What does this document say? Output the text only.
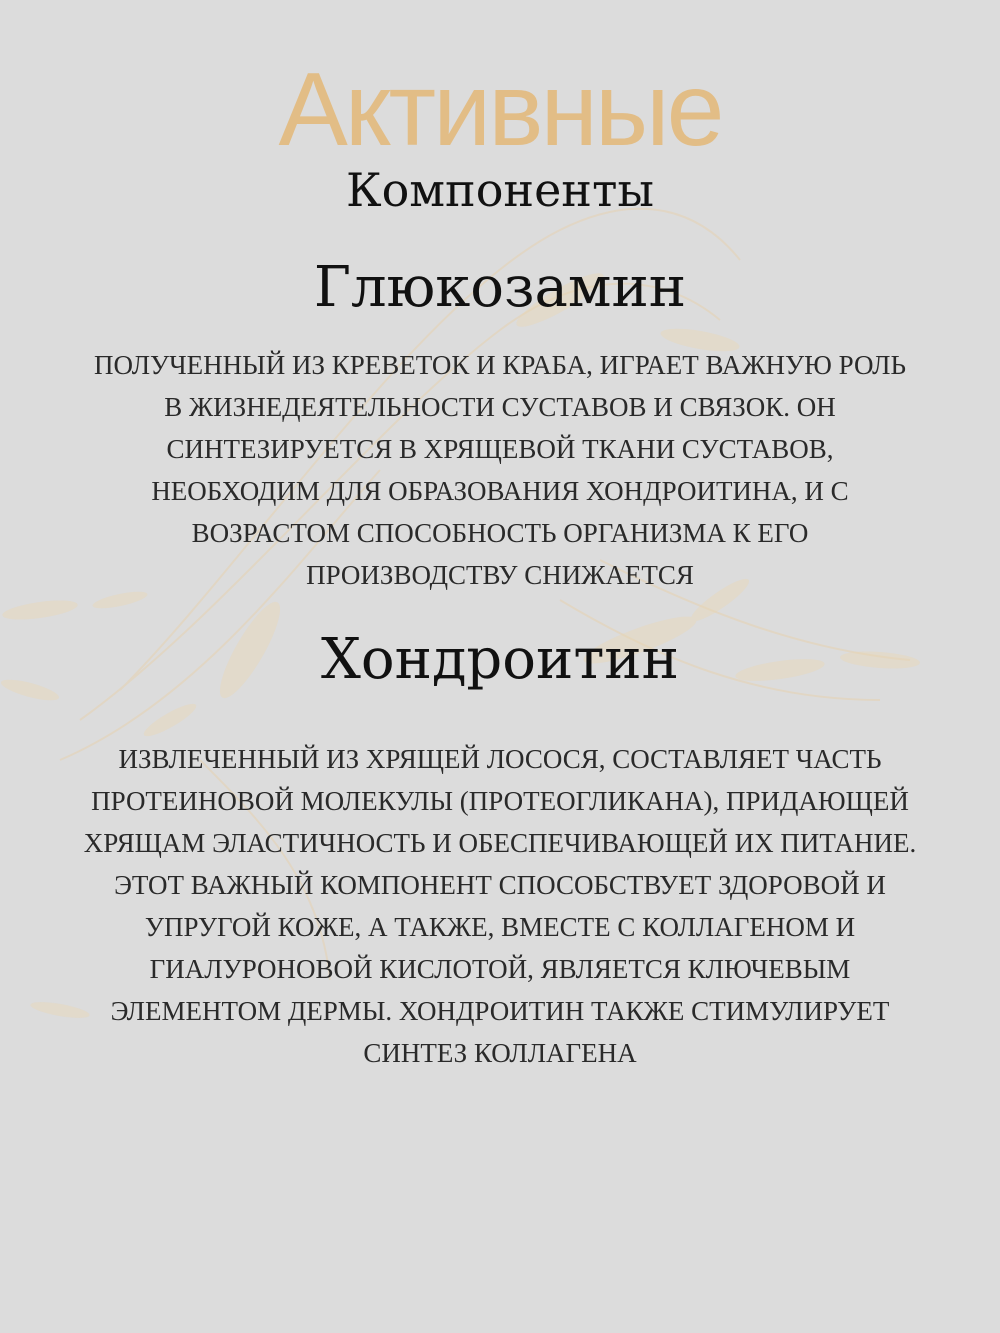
Активные
Компоненты
Глюкозамин

ПОЛУЧЕННЫЙ ИЗ КРЕВЕТОК И КРАБА, ИГРАЕТ ВАЖНУЮ РОЛЬ
В ЖИЗНЕДЕЯТЕЛЬНОСТИ СУСТАВОВ И СВЯЗОК. ОН
СИНТЕЗИРУЕТСЯ В ХРЯЩЕВОЙ ТКАНИ СУСТАВОВ,
НЕОБХОДИМ ДЛЯ ОБРАЗОВАНИЯ ХОНДРОИТИНА, И С
ВОЗРАСТОМ СПОСОБНОСТЬ ОРГАНИЗМА К ЕГО
ПРОИЗВОДСТВУ СНИЖАЕТСЯ

Хондроитин

ИЗВЛЕЧЕННЫЙ ИЗ ХРЯЩЕЙ ЛОСОСЯ, СОСТАВЛЯЕТ ЧАСТЬ
ПРОТЕИНОВОЙ МОЛЕКУЛЫ (ПРОТЕОГЛИКАНА), ПРИДАЮЩЕЙ
ХРЯЩАМ ЭЛАСТИЧНОСТЬ И ОБЕСПЕЧИВАЮЩЕЙ ИХ ПИТАНИЕ.
ЭТОТ ВАЖНЫЙ КОМПОНЕНТ СПОСОБСТВУЕТ ЗДОРОВОЙ И
УПРУГОЙ КОЖЕ, А ТАКЖЕ, ВМЕСТЕ С КОЛЛАГЕНОМ И
ГИАЛУРОНОВОЙ КИСЛОТОЙ, ЯВЛЯЕТСЯ КЛЮЧЕВЫМ
ЭЛЕМЕНТОМ ДЕРМЫ. ХОНДРОИТИН ТАКЖЕ СТИМУЛИРУЕТ
СИНТЕЗ КОЛЛАГЕНА
